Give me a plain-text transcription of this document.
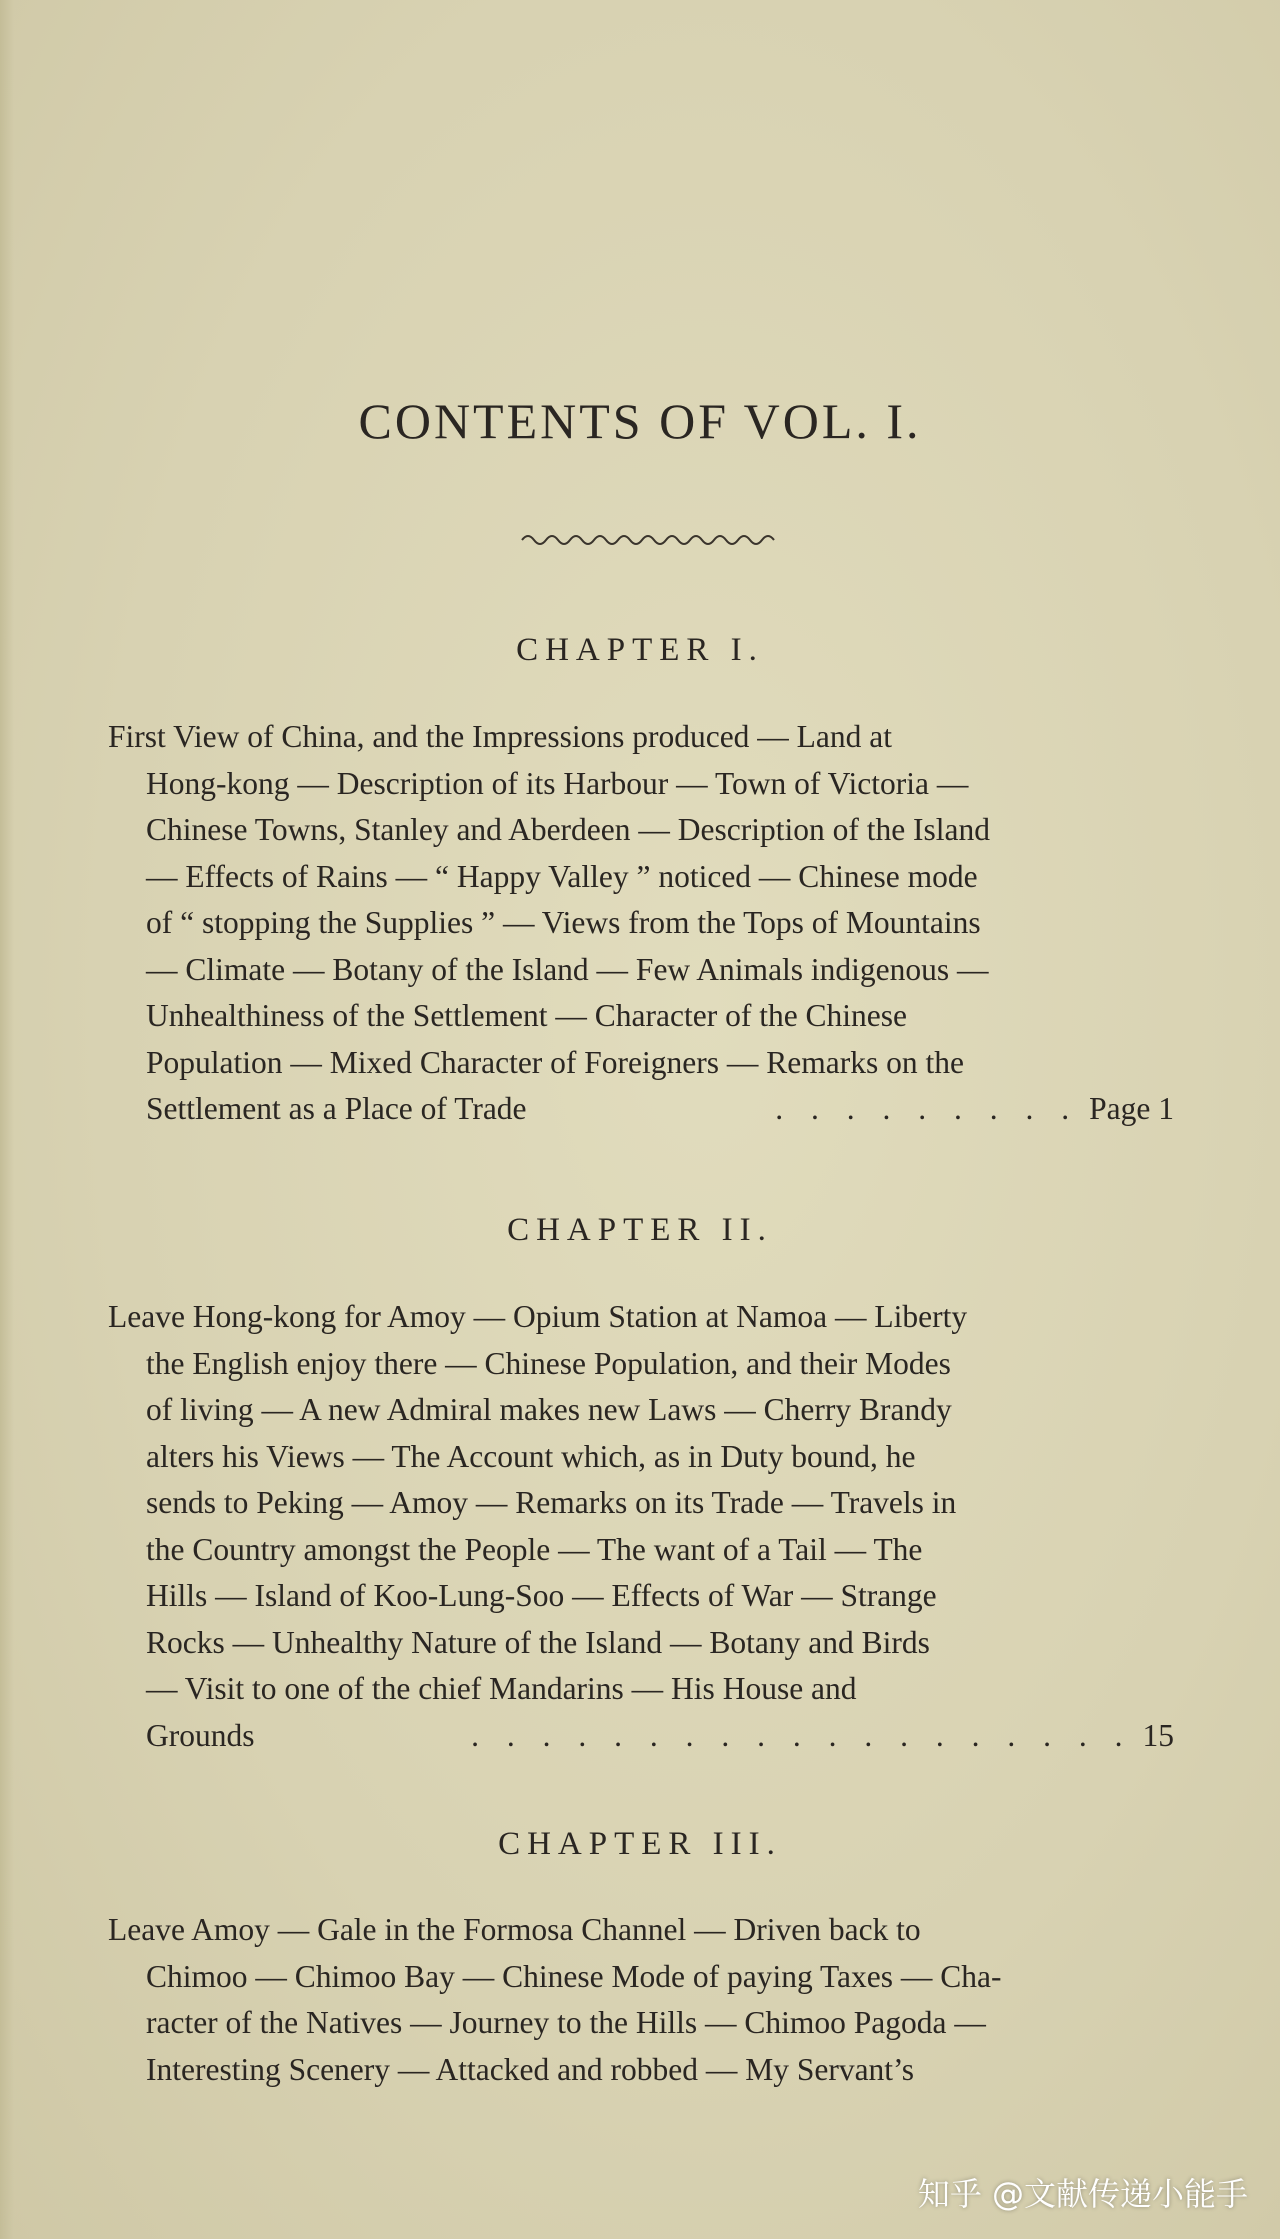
CONTENTS OF VOL. I.
CHAPTER I.
First View of China, and the Impressions produced — Land at
Hong-kong — Description of its Harbour — Town of Victoria —
Chinese Towns, Stanley and Aberdeen — Description of the Island
— Effects of Rains — “ Happy Valley ” noticed — Chinese mode
of “ stopping the Supplies ” — Views from the Tops of Mountains
— Climate — Botany of the Island — Few Animals indigenous —
Unhealthiness of the Settlement — Character of the Chinese
Population — Mixed Character of Foreigners — Remarks on the
Settlement as a Place of Trade	. . . . . . . . . Page 1
CHAPTER II.
Leave Hong-kong for Amoy — Opium Station at Namoa — Liberty
the English enjoy there — Chinese Population, and their Modes
of living — A new Admiral makes new Laws — Cherry Brandy
alters his Views — The Account which, as in Duty bound, he
sends to Peking — Amoy — Remarks on its Trade — Travels in
the Country amongst the People — The want of a Tail — The
Hills — Island of Koo-Lung-Soo — Effects of War — Strange
Rocks — Unhealthy Nature of the Island — Botany and Birds
— Visit to one of the chief Mandarins — His House and
Grounds	. . . . . . . . . . . . . . . . . . . 15
CHAPTER III.
Leave Amoy — Gale in the Formosa Channel — Driven back to
Chimoo — Chimoo Bay — Chinese Mode of paying Taxes — Cha-
racter of the Natives — Journey to the Hills — Chimoo Pagoda —
Interesting Scenery — Attacked and robbed — My Servant’s
知乎 @文献传递小能手
